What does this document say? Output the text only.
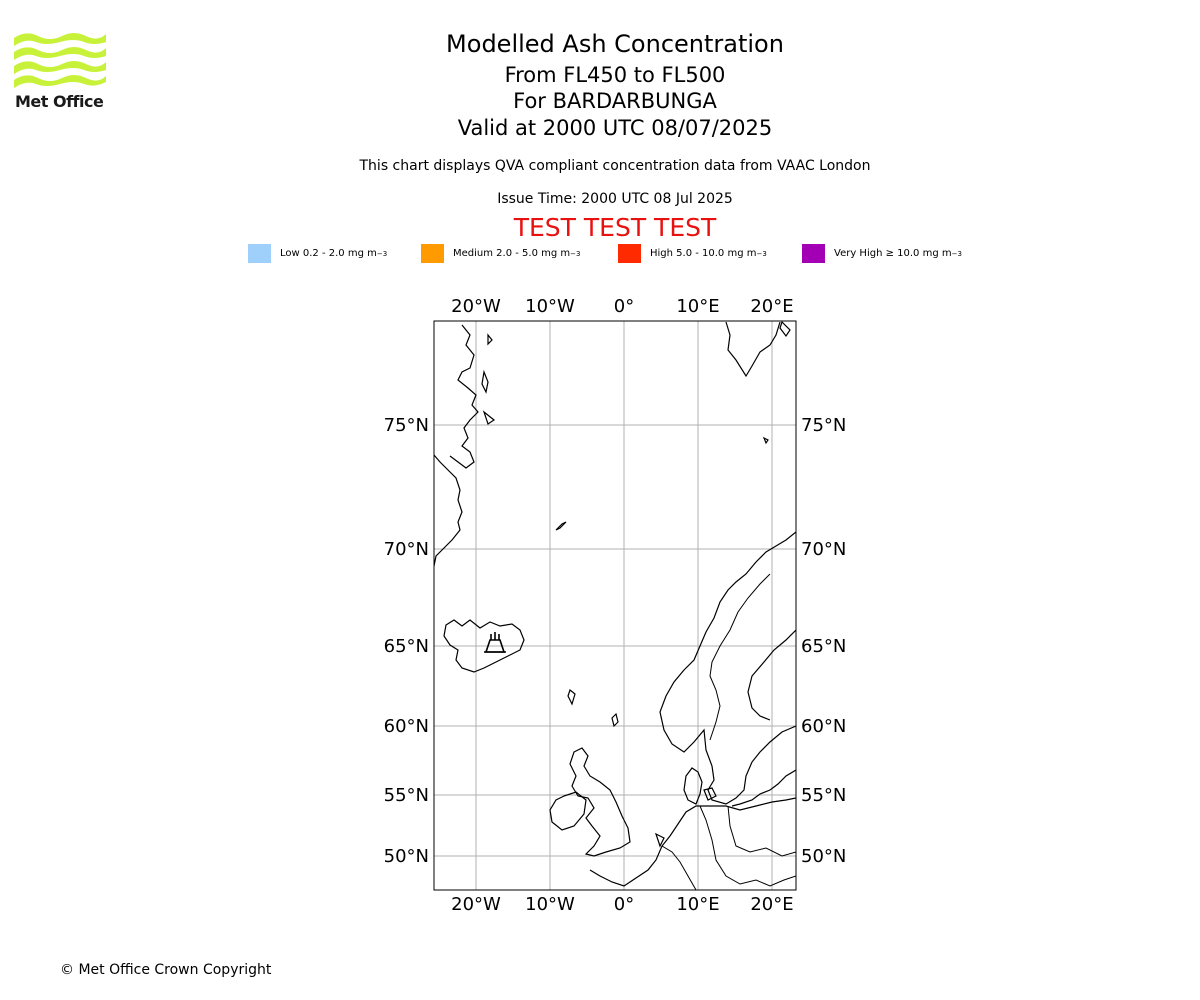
Met Office
Modelled Ash Concentration
From FL450 to FL500
For BARDARBUNGA
Valid at 2000 UTC 08/07/2025
This chart displays QVA compliant concentration data from VAAC London
Issue Time: 2000 UTC 08 Jul 2025
TEST TEST TEST
Low 0.2 - 2.0 mg m −3	Medium 2.0 - 5.0 mg m −3	High 5.0 - 10.0 mg m −3	Very High ≥ 10.0 mg m −3
20°W 10°W 0° 10°E 20°E
20°W 10°W 0° 10°E 20°E
75°N
70°N
65°N
60°N
55°N
50°N
75°N
70°N
65°N
60°N
55°N
50°N
© Met Office Crown Copyright
